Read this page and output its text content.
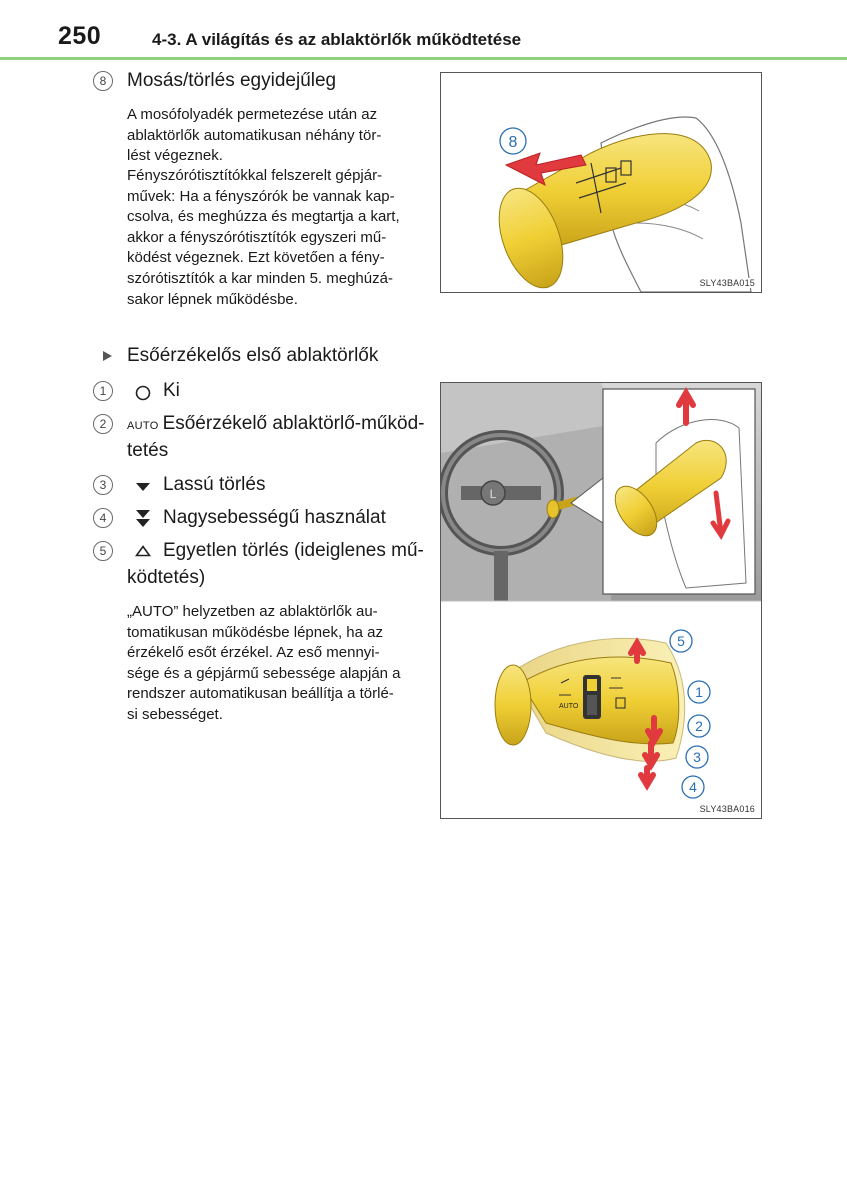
250	4-3. A világítás és az ablaktörlők működtetése
8	Mosás/törlés egyidejűleg
A mosófolyadék permetezése után az
ablaktörlők automatikusan néhány tör-
lést végeznek.
Fényszórótisztítókkal felszerelt gépjár-
művek: Ha a fényszórók be vannak kap-
csolva, és meghúzza és megtartja a kart,
akkor a fényszórótisztítók egyszeri mű-
ködést végeznek. Ezt követően a fény-
szórótisztítók a kar minden 5. meghúzá-
sakor lépnek működésbe.
8
SLY43BA015
Esőérzékelős első ablaktörlők
1	Ki
2	AUTO Esőérzékelő ablaktörlő-működ-
tetés
3	Lassú törlés
4	Nagysebességű használat
5	Egyetlen törlés (ideiglenes mű-
ködtetés)
„AUTO” helyzetben az ablaktörlők au-
tomatikusan működésbe lépnek, ha az
érzékelő esőt érzékel. Az eső mennyi-
sége és a gépjármű sebessége alapján a
rendszer automatikusan beállítja a törlé-
si sebességet.
L
AUTO
5
1
2
3
4
SLY43BA016
